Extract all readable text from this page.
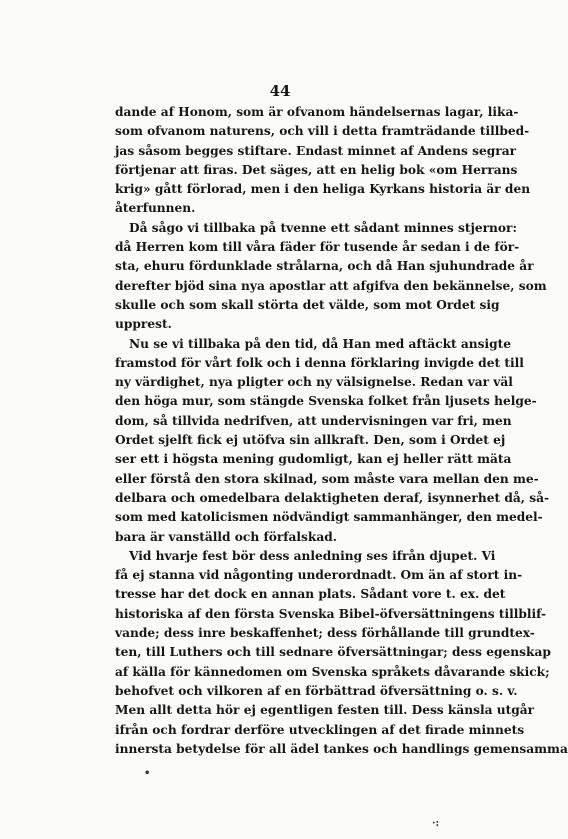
44
dande af Honom, som är ofvanom händelsernas lagar, lika-
som ofvanom naturens, och vill i detta framträdande tillbed-
jas såsom begges stiftare. Endast minnet af Andens segrar
förtjenar att firas. Det säges, att en helig bok «om Herrans
krig» gått förlorad, men i den heliga Kyrkans historia är den
återfunnen.
Då sågo vi tillbaka på tvenne ett sådant minnes stjernor:
då Herren kom till våra fäder för tusende år sedan i de för-
sta, ehuru fördunklade strålarna, och då Han sjuhundrade år
derefter bjöd sina nya apostlar att afgifva den bekännelse, som
skulle och som skall störta det välde, som mot Ordet sig
upprest.
Nu se vi tillbaka på den tid, då Han med aftäckt ansigte
framstod för vårt folk och i denna förklaring invigde det till
ny värdighet, nya pligter och ny välsignelse. Redan var väl
den höga mur, som stängde Svenska folket från ljusets helge-
dom, så tillvida nedrifven, att undervisningen var fri, men
Ordet sjelft fick ej utöfva sin allkraft. Den, som i Ordet ej
ser ett i högsta mening gudomligt, kan ej heller rätt mäta
eller förstå den stora skilnad, som måste vara mellan den me-
delbara och omedelbara delaktigheten deraf, isynnerhet då, så-
som med katolicismen nödvändigt sammanhänger, den medel-
bara är vanställd och förfalskad.
Vid hvarje fest bör dess anledning ses ifrån djupet. Vi
få ej stanna vid någonting underordnadt. Om än af stort in-
tresse har det dock en annan plats. Sådant vore t. ex. det
historiska af den första Svenska Bibel-öfversättningens tillblif-
vande; dess inre beskaffenhet; dess förhållande till grundtex-
ten, till Luthers och till sednare öfversättningar; dess egenskap
af källa för kännedomen om Svenska språkets dåvarande skick;
behofvet och vilkoren af en förbättrad öfversättning o. s. v.
Men allt detta hör ej egentligen festen till. Dess känsla utgår
ifrån och fordrar derföre utvecklingen af det firade minnets
innersta betydelse för all ädel tankes och handlings gemensamma
•
·:
